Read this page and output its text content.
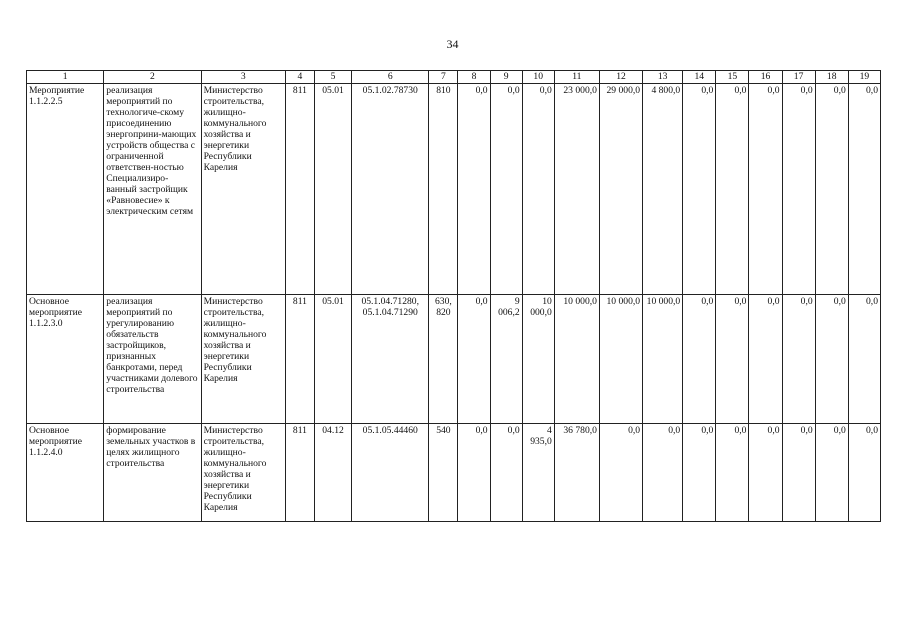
34
1	2	3	4	5	6	7	8	9	10	11	12	13	14	15	16	17	18	19
Мероприятие 1.1.2.2.5	реализация мероприятий по технологиче-скому присоединению энергоприни-мающих устройств общества с ограниченной ответствен-ностью Специализиро-ванный застройщик «Равновесие» к электрическим сетям	Министерство строительства, жилищно-коммунального хозяйства и энергетики Республики Карелия	811	05.01	05.1.02.78730	810	0,0	0,0	0,0	23 000,0	29 000,0	4 800,0	0,0	0,0	0,0	0,0	0,0	0,0
Основное мероприятие 1.1.2.3.0	реализация мероприятий по урегулированию обязательств застройщиков, признанных банкротами, перед участниками долевого строительства	Министерство строительства, жилищно-коммунального хозяйства и энергетики Республики Карелия	811	05.01	05.1.04.71280, 05.1.04.71290	630, 820	0,0	9 006,2	10 000,0	10 000,0	10 000,0	10 000,0	0,0	0,0	0,0	0,0	0,0	0,0
Основное мероприятие 1.1.2.4.0	формирование земельных участков в целях жилищного строительства	Министерство строительства, жилищно-коммунального хозяйства и энергетики Республики Карелия	811	04.12	05.1.05.44460	540	0,0	0,0	4 935,0	36 780,0	0,0	0,0	0,0	0,0	0,0	0,0	0,0	0,0
